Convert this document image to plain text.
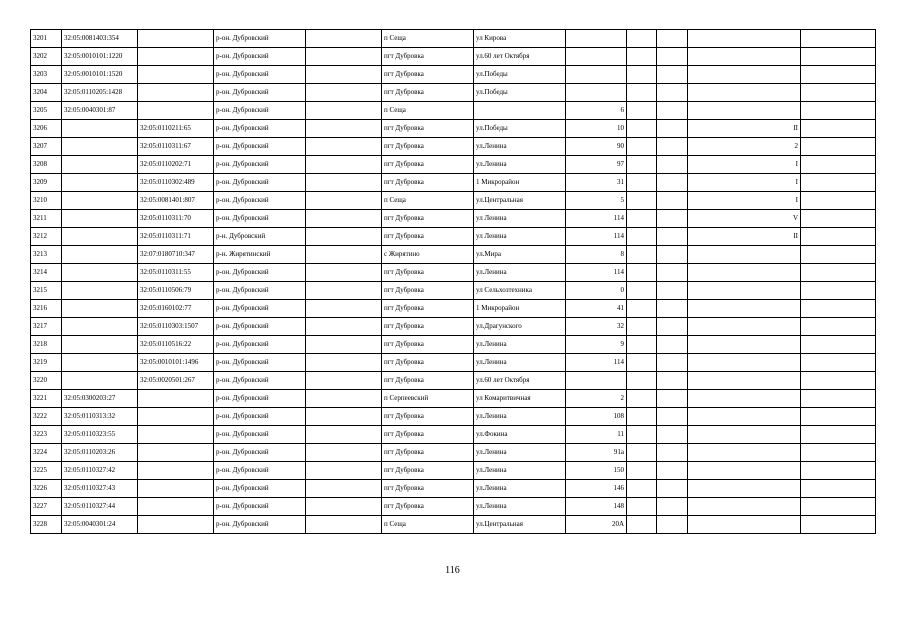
3201	32:05:0081403:354		р-он. Дубровский		п Сеща	ул Кирова					
3202	32:05:0010101:1220		р-он. Дубровский		пгт Дубровка	ул.60 лет Октября					
3203	32:05:0010101:1520		р-он. Дубровский		пгт Дубровка	ул.Победы					
3204	32:05:0110205:1428		р-он. Дубровский		пгт Дубровка	ул.Победы					
3205	32:05:0040301:87		р-он. Дубровский		п Сеща		6				
3206		32:05:0110211:65	р-он. Дубровский		пгт Дубровка	ул.Победы	10			II	
3207		32:05:0110311:67	р-он. Дубровский		пгт Дубровка	ул.Ленина	90			2	
3208		32:05:0110202:71	р-он. Дубровский		пгт Дубровка	ул.Ленина	97			I	
3209		32:05:0110302:489	р-он. Дубровский		пгт Дубровка	1 Микрорайон	31			I	
3210		32:05:0081401:807	р-он. Дубровский		п Сеща	ул.Центральная	5			I	
3211		32:05:0110311:70	р-он. Дубровский		пгт Дубровка	ул Ленина	114			V	
3212		32:05:0110311:71	р-н. Дубровский		пгт Дубровка	ул Ленина	114			II	
3213		32:07:0180710:347	р-н. Жирятинский		с Жирятино	ул.Мира	8				
3214		32:05:0110311:55	р-он. Дубровский		пгт Дубровка	ул.Ленина	114				
3215		32:05:0110506:79	р-он. Дубровский		пгт Дубровка	ул Сельхозтехника	0				
3216		32:05:0160102:77	р-он. Дубровский		пгт Дубровка	1 Микрорайон	41				
3217		32:05:0110303:1507	р-он. Дубровский		пгт Дубровка	ул.Драгунского	32				
3218		32:05:0110516:22	р-он. Дубровский		пгт Дубровка	ул.Ленина	9				
3219		32:05:0010101:1496	р-он. Дубровский		пгт Дубровка	ул.Ленина	114				
3220		32:05:0020501:267	р-он. Дубровский		пгт Дубровка	ул.60 лет Октября					
3221	32:05:0300203:27		р-он. Дубровский		п Серпеевский	ул Комаритвичная	2				
3222	32:05:0110313:32		р-он. Дубровский		пгт Дубровка	ул.Ленина	108				
3223	32:05:0110323:55		р-он. Дубровский		пгт Дубровка	ул.Фокина	11				
3224	32:05:0110203:26		р-он. Дубровский		пгт Дубровка	ул.Ленина	91а				
3225	32:05:0110327:42		р-он. Дубровский		пгт Дубровка	ул.Ленина	150				
3226	32:05:0110327:43		р-он. Дубровский		пгт Дубровка	ул.Ленина	146				
3227	32:05:0110327:44		р-он. Дубровский		пгт Дубровка	ул.Ленина	148				
3228	32:05:0040301:24		р-он. Дубровский		п Сеща	ул.Центральная	20А				
116
